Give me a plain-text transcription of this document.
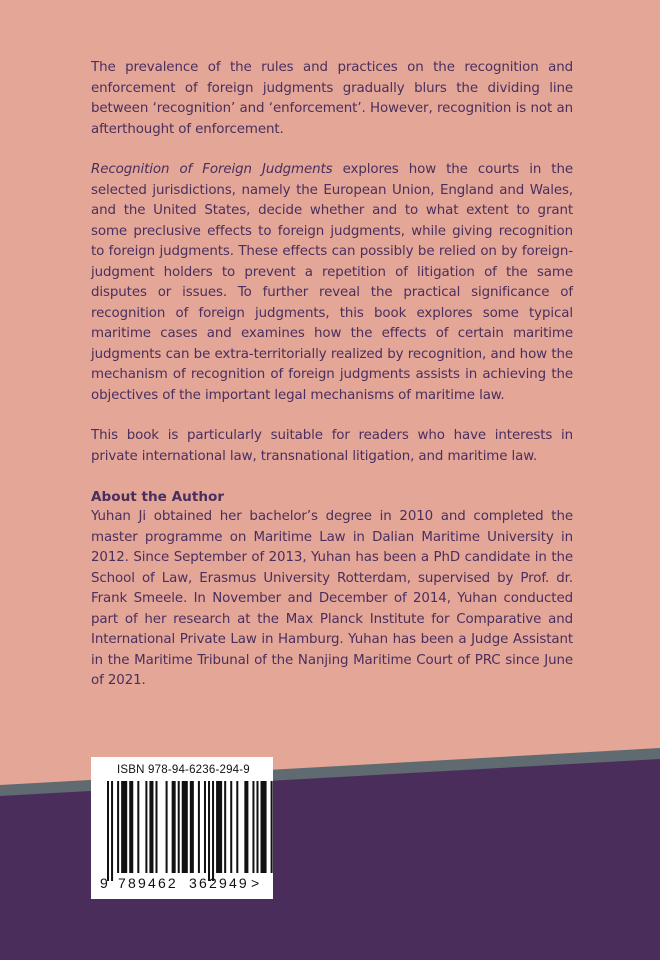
The prevalence of the rules and practices on the recognition and enforcement of foreign judgments gradually blurs the dividing line between ‘recognition’ and ‘enforcement’. However, recognition is not an afterthought of enforcement.

Recognition of Foreign Judgments explores how the courts in the selected jurisdictions, namely the European Union, England and Wales, and the United States, decide whether and to what extent to grant some preclusive effects to foreign judgments, while giving recognition to foreign judgments. These effects can possibly be relied on by foreign-judgment holders to prevent a repetition of litigation of the same disputes or issues. To further reveal the practical significance of recognition of foreign judgments, this book explores some typical maritime cases and examines how the effects of certain maritime judgments can be extra-territorially realized by recognition, and how the mechanism of recognition of foreign judgments assists in achieving the objectives of the important legal mechanisms of maritime law.

This book is particularly suitable for readers who have interests in private international law, transnational litigation, and maritime law.

About the Author

Yuhan Ji obtained her bachelor’s degree in 2010 and completed the master programme on Maritime Law in Dalian Maritime University in 2012. Since September of 2013, Yuhan has been a PhD candidate in the School of Law, Erasmus University Rotterdam, supervised by Prof. dr. Frank Smeele. In November and December of 2014, Yuhan conducted part of her research at the Max Planck Institute for Comparative and International Private Law in Hamburg. Yuhan has been a Judge Assistant in the Maritime Tribunal of the Nanjing Maritime Court of PRC since June of 2021.

ISBN 978-94-6236-294-9
9 789462 362949 >
